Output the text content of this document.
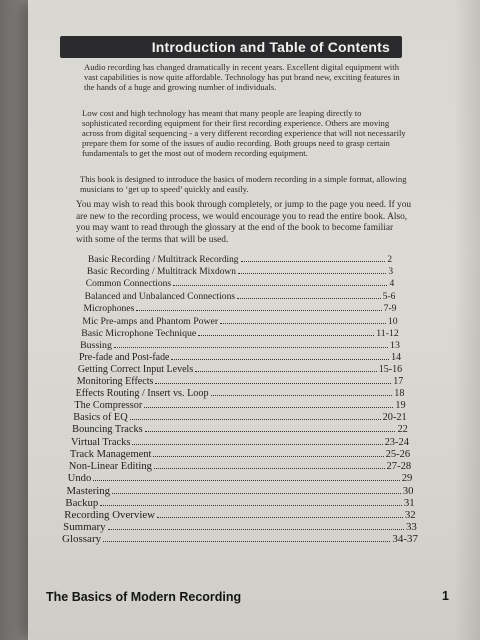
Introduction and Table of Contents

Audio recording has changed dramatically in recent years. Excellent digital equipment with vast capabilities is now quite affordable. Technology has put brand new, exciting features in the hands of a huge and growing number of individuals.

Low cost and high technology has meant that many people are leaping directly to sophisticated recording equipment for their first recording experience. Others are moving across from digital sequencing - a very different recording experience that will not necessarily prepare them for some of the issues of audio recording. Both groups need to grasp certain fundamentals to get the most out of modern recording equipment.

This book is designed to introduce the basics of modern recording in a simple format, allowing musicians to ‘get up to speed’ quickly and easily.

You may wish to read this book through completely, or jump to the page you need. If you are new to the recording process, we would encourage you to read the entire book. Also, you may want to read through the glossary at the end of the book to become familiar with some of the terms that will be used.

Basic Recording / Multitrack Recording	2
Basic Recording / Multitrack Mixdown	3
Common Connections	4
Balanced and Unbalanced Connections	5-6
Microphones	7-9
Mic Pre-amps and Phantom Power	10
Basic Microphone Technique	11-12
Bussing	13
Pre-fade and Post-fade	14
Getting Correct Input Levels	15-16
Monitoring Effects	17
Effects Routing / Insert vs. Loop	18
The Compressor	19
Basics of EQ	20-21
Bouncing Tracks	22
Virtual Tracks	23-24
Track Management	25-26
Non-Linear Editing	27-28
Undo	29
Mastering	30
Backup	31
Recording Overview	32
Summary	33
Glossary	34-37
The Basics of Modern Recording	1
